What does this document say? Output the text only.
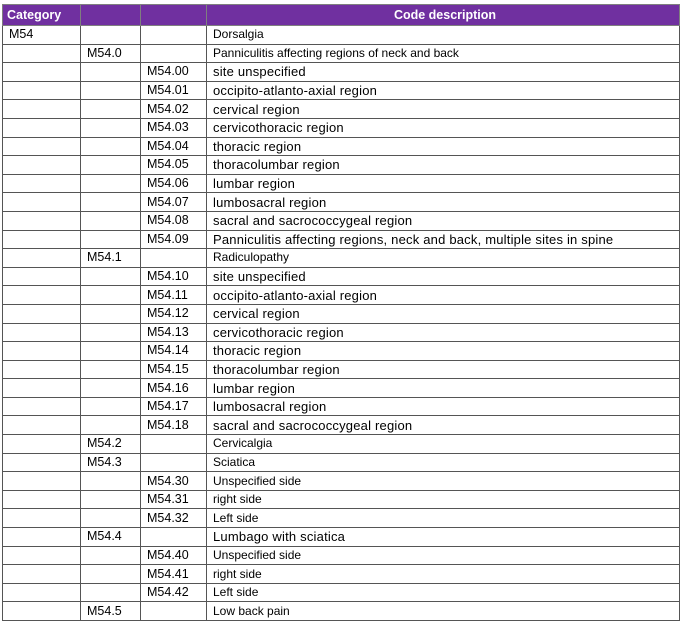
Category			Code description
M54			Dorsalgia
	M54.0		Panniculitis affecting regions of neck and back
		M54.00	site unspecified
		M54.01	occipito-atlanto-axial region
		M54.02	cervical region
		M54.03	cervicothoracic region
		M54.04	thoracic region
		M54.05	thoracolumbar region
		M54.06	lumbar region
		M54.07	lumbosacral region
		M54.08	sacral and sacrococcygeal region
		M54.09	Panniculitis affecting regions, neck and back, multiple sites in spine
	M54.1		Radiculopathy
		M54.10	site unspecified
		M54.11	occipito-atlanto-axial region
		M54.12	cervical region
		M54.13	cervicothoracic region
		M54.14	thoracic region
		M54.15	thoracolumbar region
		M54.16	lumbar region
		M54.17	lumbosacral region
		M54.18	sacral and sacrococcygeal region
	M54.2		Cervicalgia
	M54.3		Sciatica
		M54.30	Unspecified side
		M54.31	right side
		M54.32	Left side
	M54.4		Lumbago with sciatica
		M54.40	Unspecified side
		M54.41	right side
		M54.42	Left side
	M54.5		Low back pain
